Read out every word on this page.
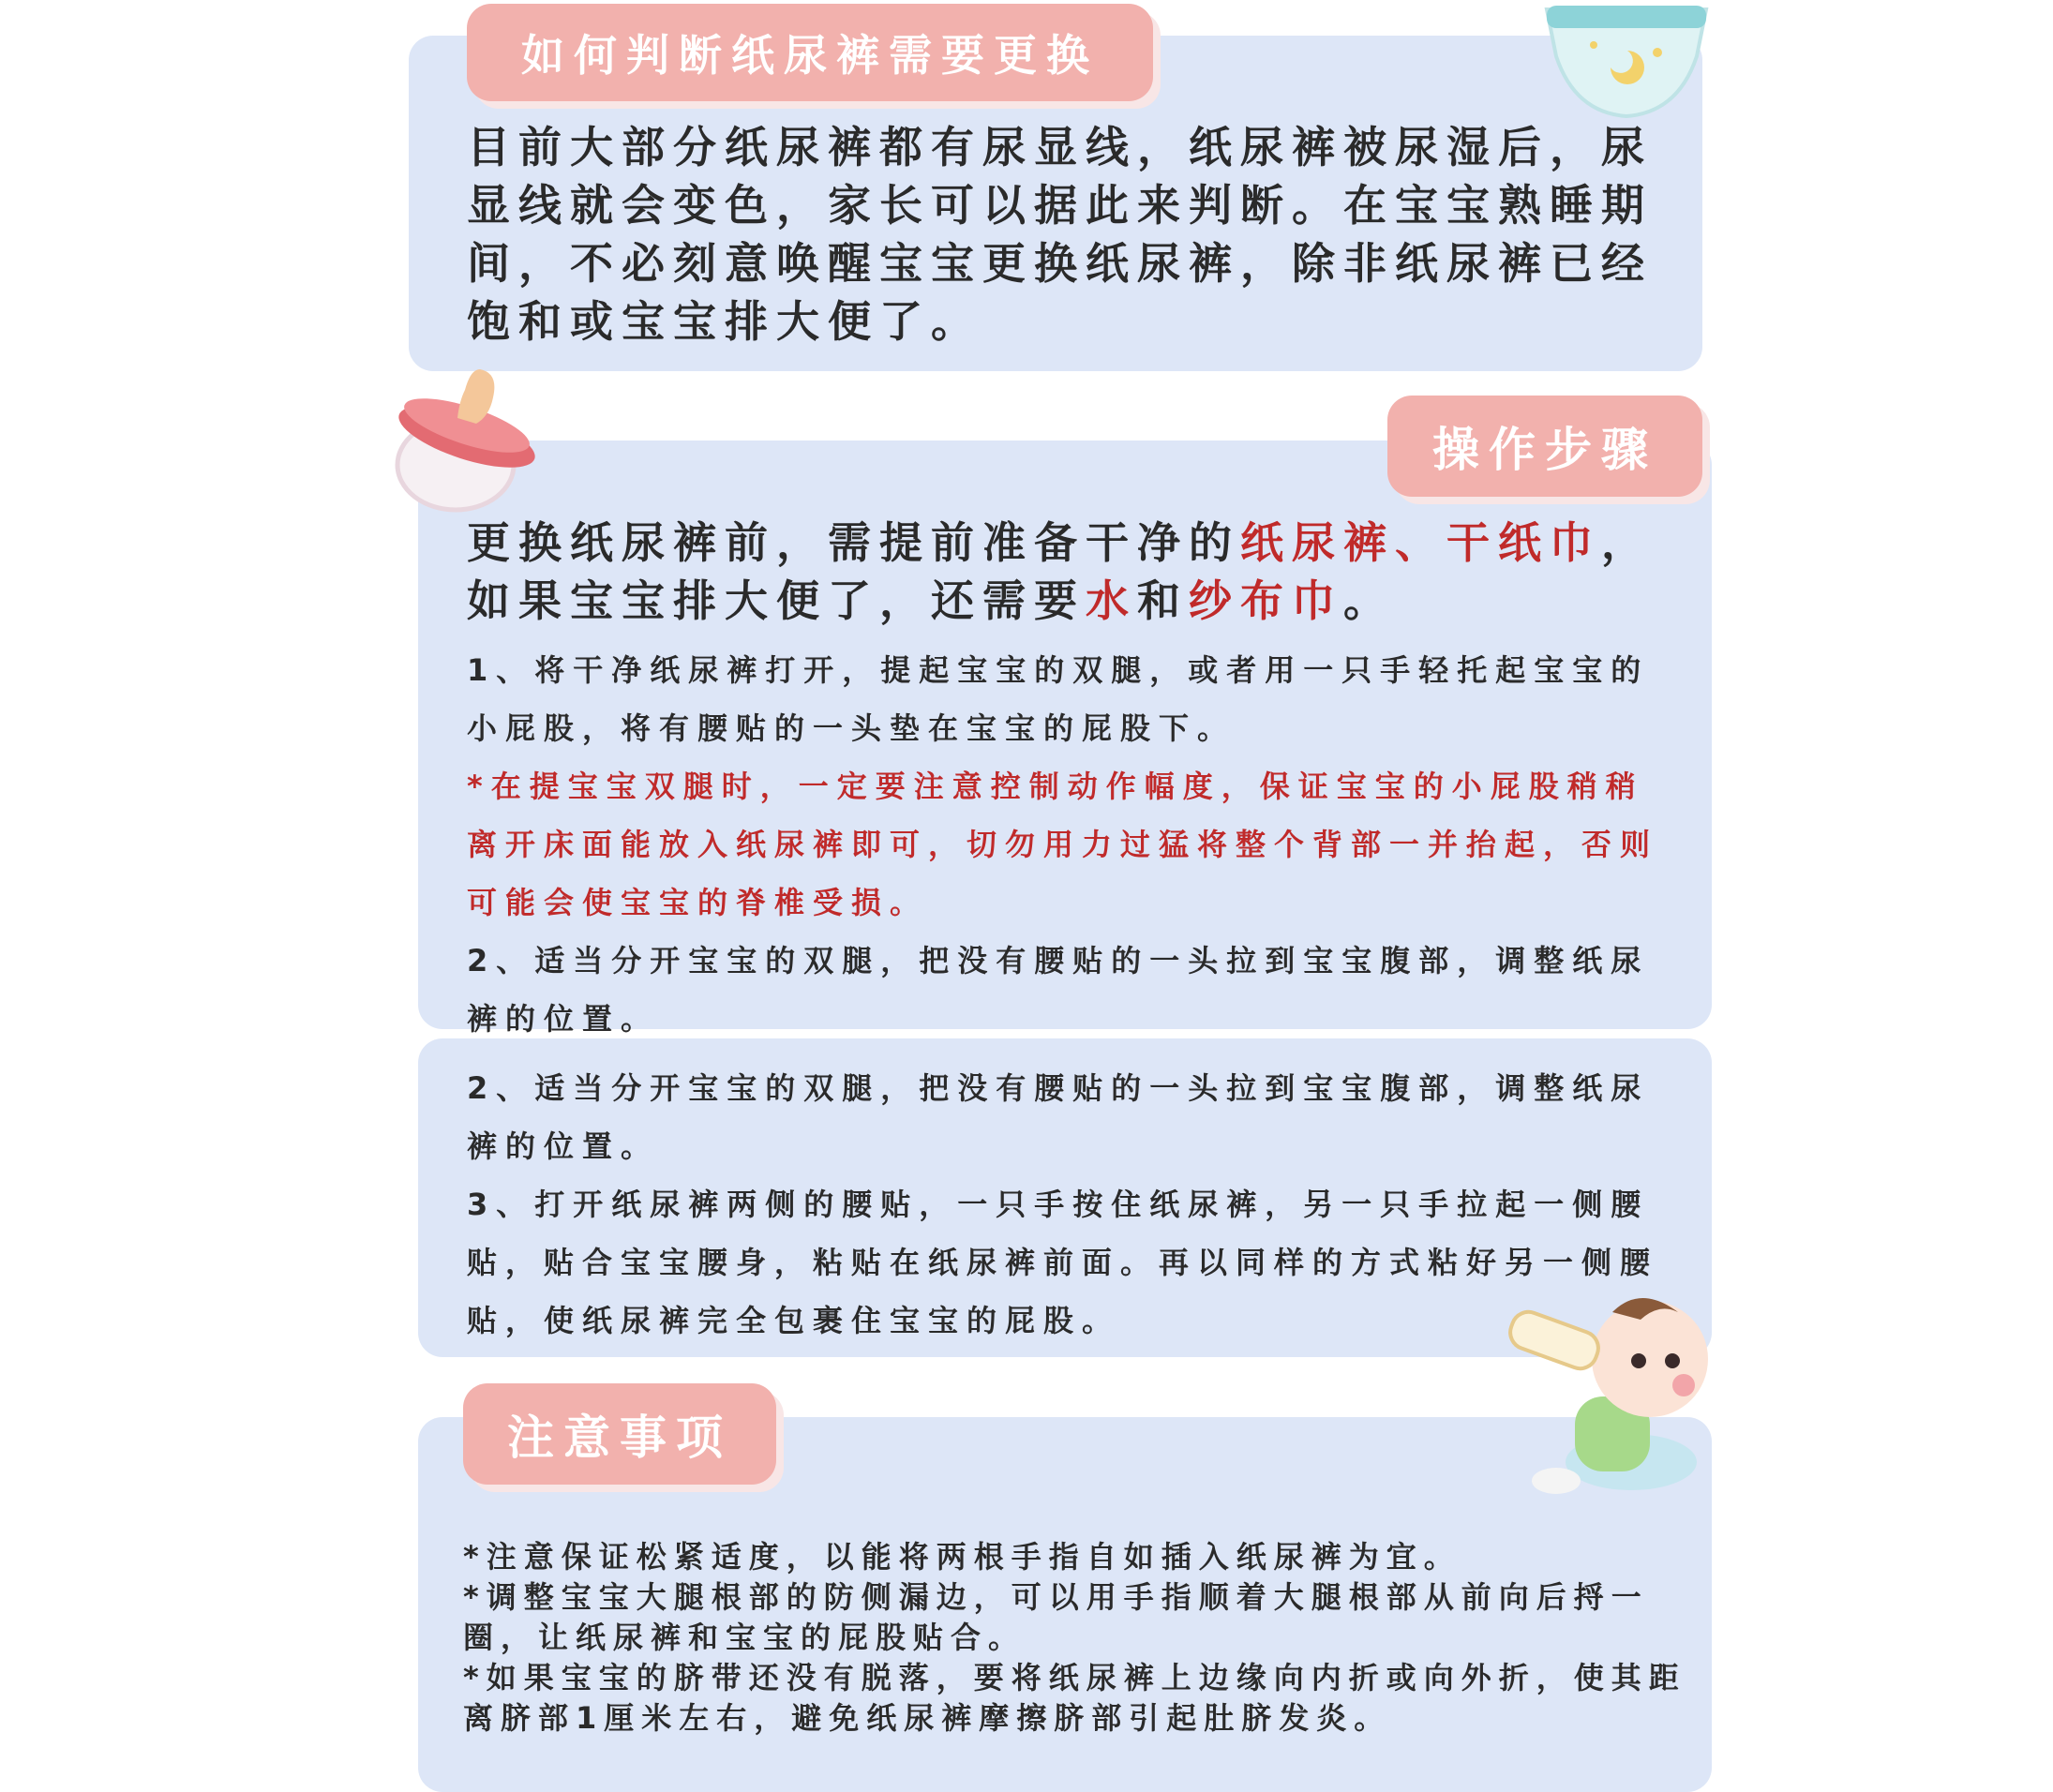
如何判断纸尿裤需要更换

目前大部分纸尿裤都有尿显线，纸尿裤被尿湿后，尿显线就会变色，家长可以据此来判断。在宝宝熟睡期间，不必刻意唤醒宝宝更换纸尿裤，除非纸尿裤已经饱和或宝宝排大便了。

操作步骤

更换纸尿裤前，需提前准备干净的纸尿裤、干纸巾，如果宝宝排大便了，还需要水和纱布巾。

1、将干净纸尿裤打开，提起宝宝的双腿，或者用一只手轻托起宝宝的小屁股，将有腰贴的一头垫在宝宝的屁股下。

*在提宝宝双腿时，一定要注意控制动作幅度，保证宝宝的小屁股稍稍离开床面能放入纸尿裤即可，切勿用力过猛将整个背部一并抬起，否则可能会使宝宝的脊椎受损。

2、适当分开宝宝的双腿，把没有腰贴的一头拉到宝宝腹部，调整纸尿裤的位置。

2、适当分开宝宝的双腿，把没有腰贴的一头拉到宝宝腹部，调整纸尿裤的位置。

3、打开纸尿裤两侧的腰贴，一只手按住纸尿裤，另一只手拉起一侧腰贴，贴合宝宝腰身，粘贴在纸尿裤前面。再以同样的方式粘好另一侧腰贴，使纸尿裤完全包裹住宝宝的屁股。

注意事项
*注意保证松紧适度，以能将两根手指自如插入纸尿裤为宜。
*调整宝宝大腿根部的防侧漏边，可以用手指顺着大腿根部从前向后捋一圈，让纸尿裤和宝宝的屁股贴合。
*如果宝宝的脐带还没有脱落，要将纸尿裤上边缘向内折或向外折，使其距离脐部1厘米左右，避免纸尿裤摩擦脐部引起肚脐发炎。
